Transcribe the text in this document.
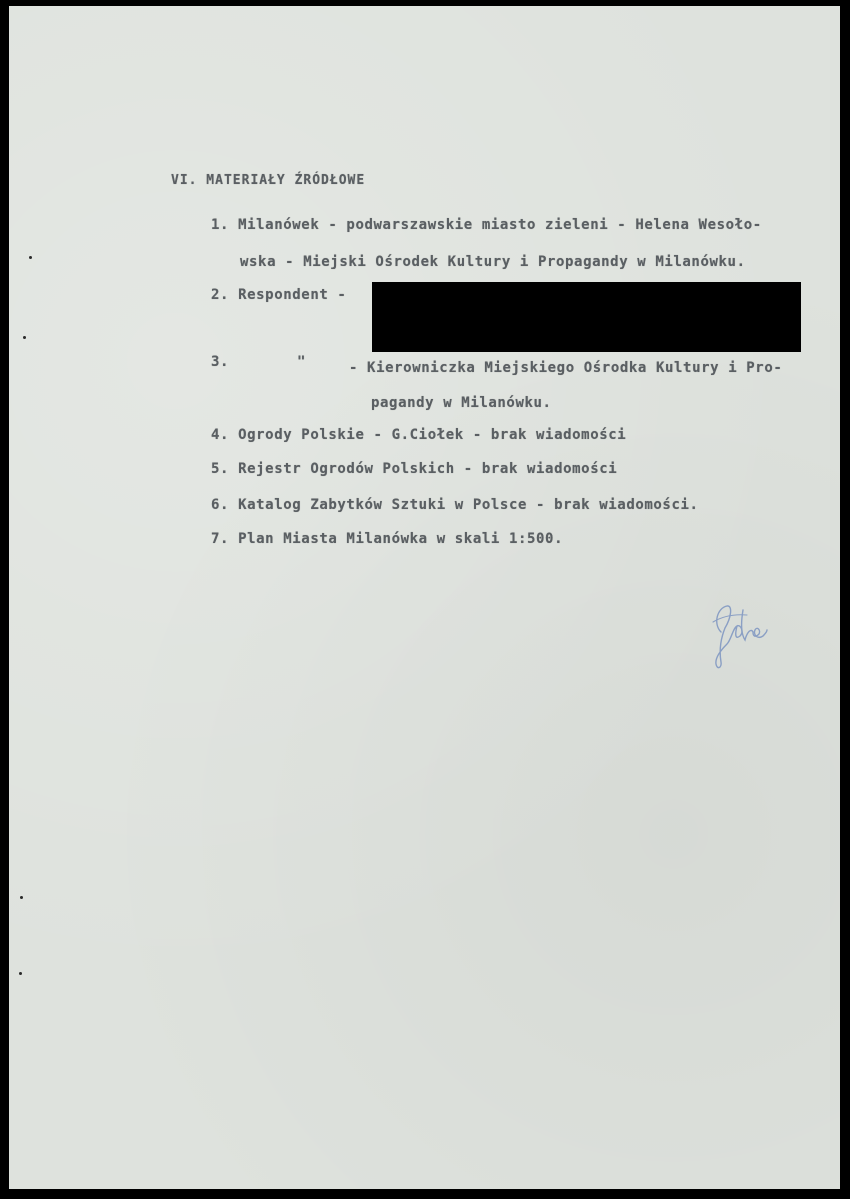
VI. MATERIAŁY ŹRÓDŁOWE
1. Milanówek - podwarszawskie miasto zieleni - Helena Wesoło-
wska - Miejski Ośrodek Kultury i Propagandy w Milanówku.
2. Respondent -
3.	"	- Kierowniczka Miejskiego Ośrodka Kultury i Pro-
pagandy w Milanówku.
4. Ogrody Polskie - G.Ciołek - brak wiadomości
5. Rejestr Ogrodów Polskich - brak wiadomości
6. Katalog Zabytków Sztuki w Polsce - brak wiadomości.
7. Plan Miasta Milanówka w skali 1:500.
